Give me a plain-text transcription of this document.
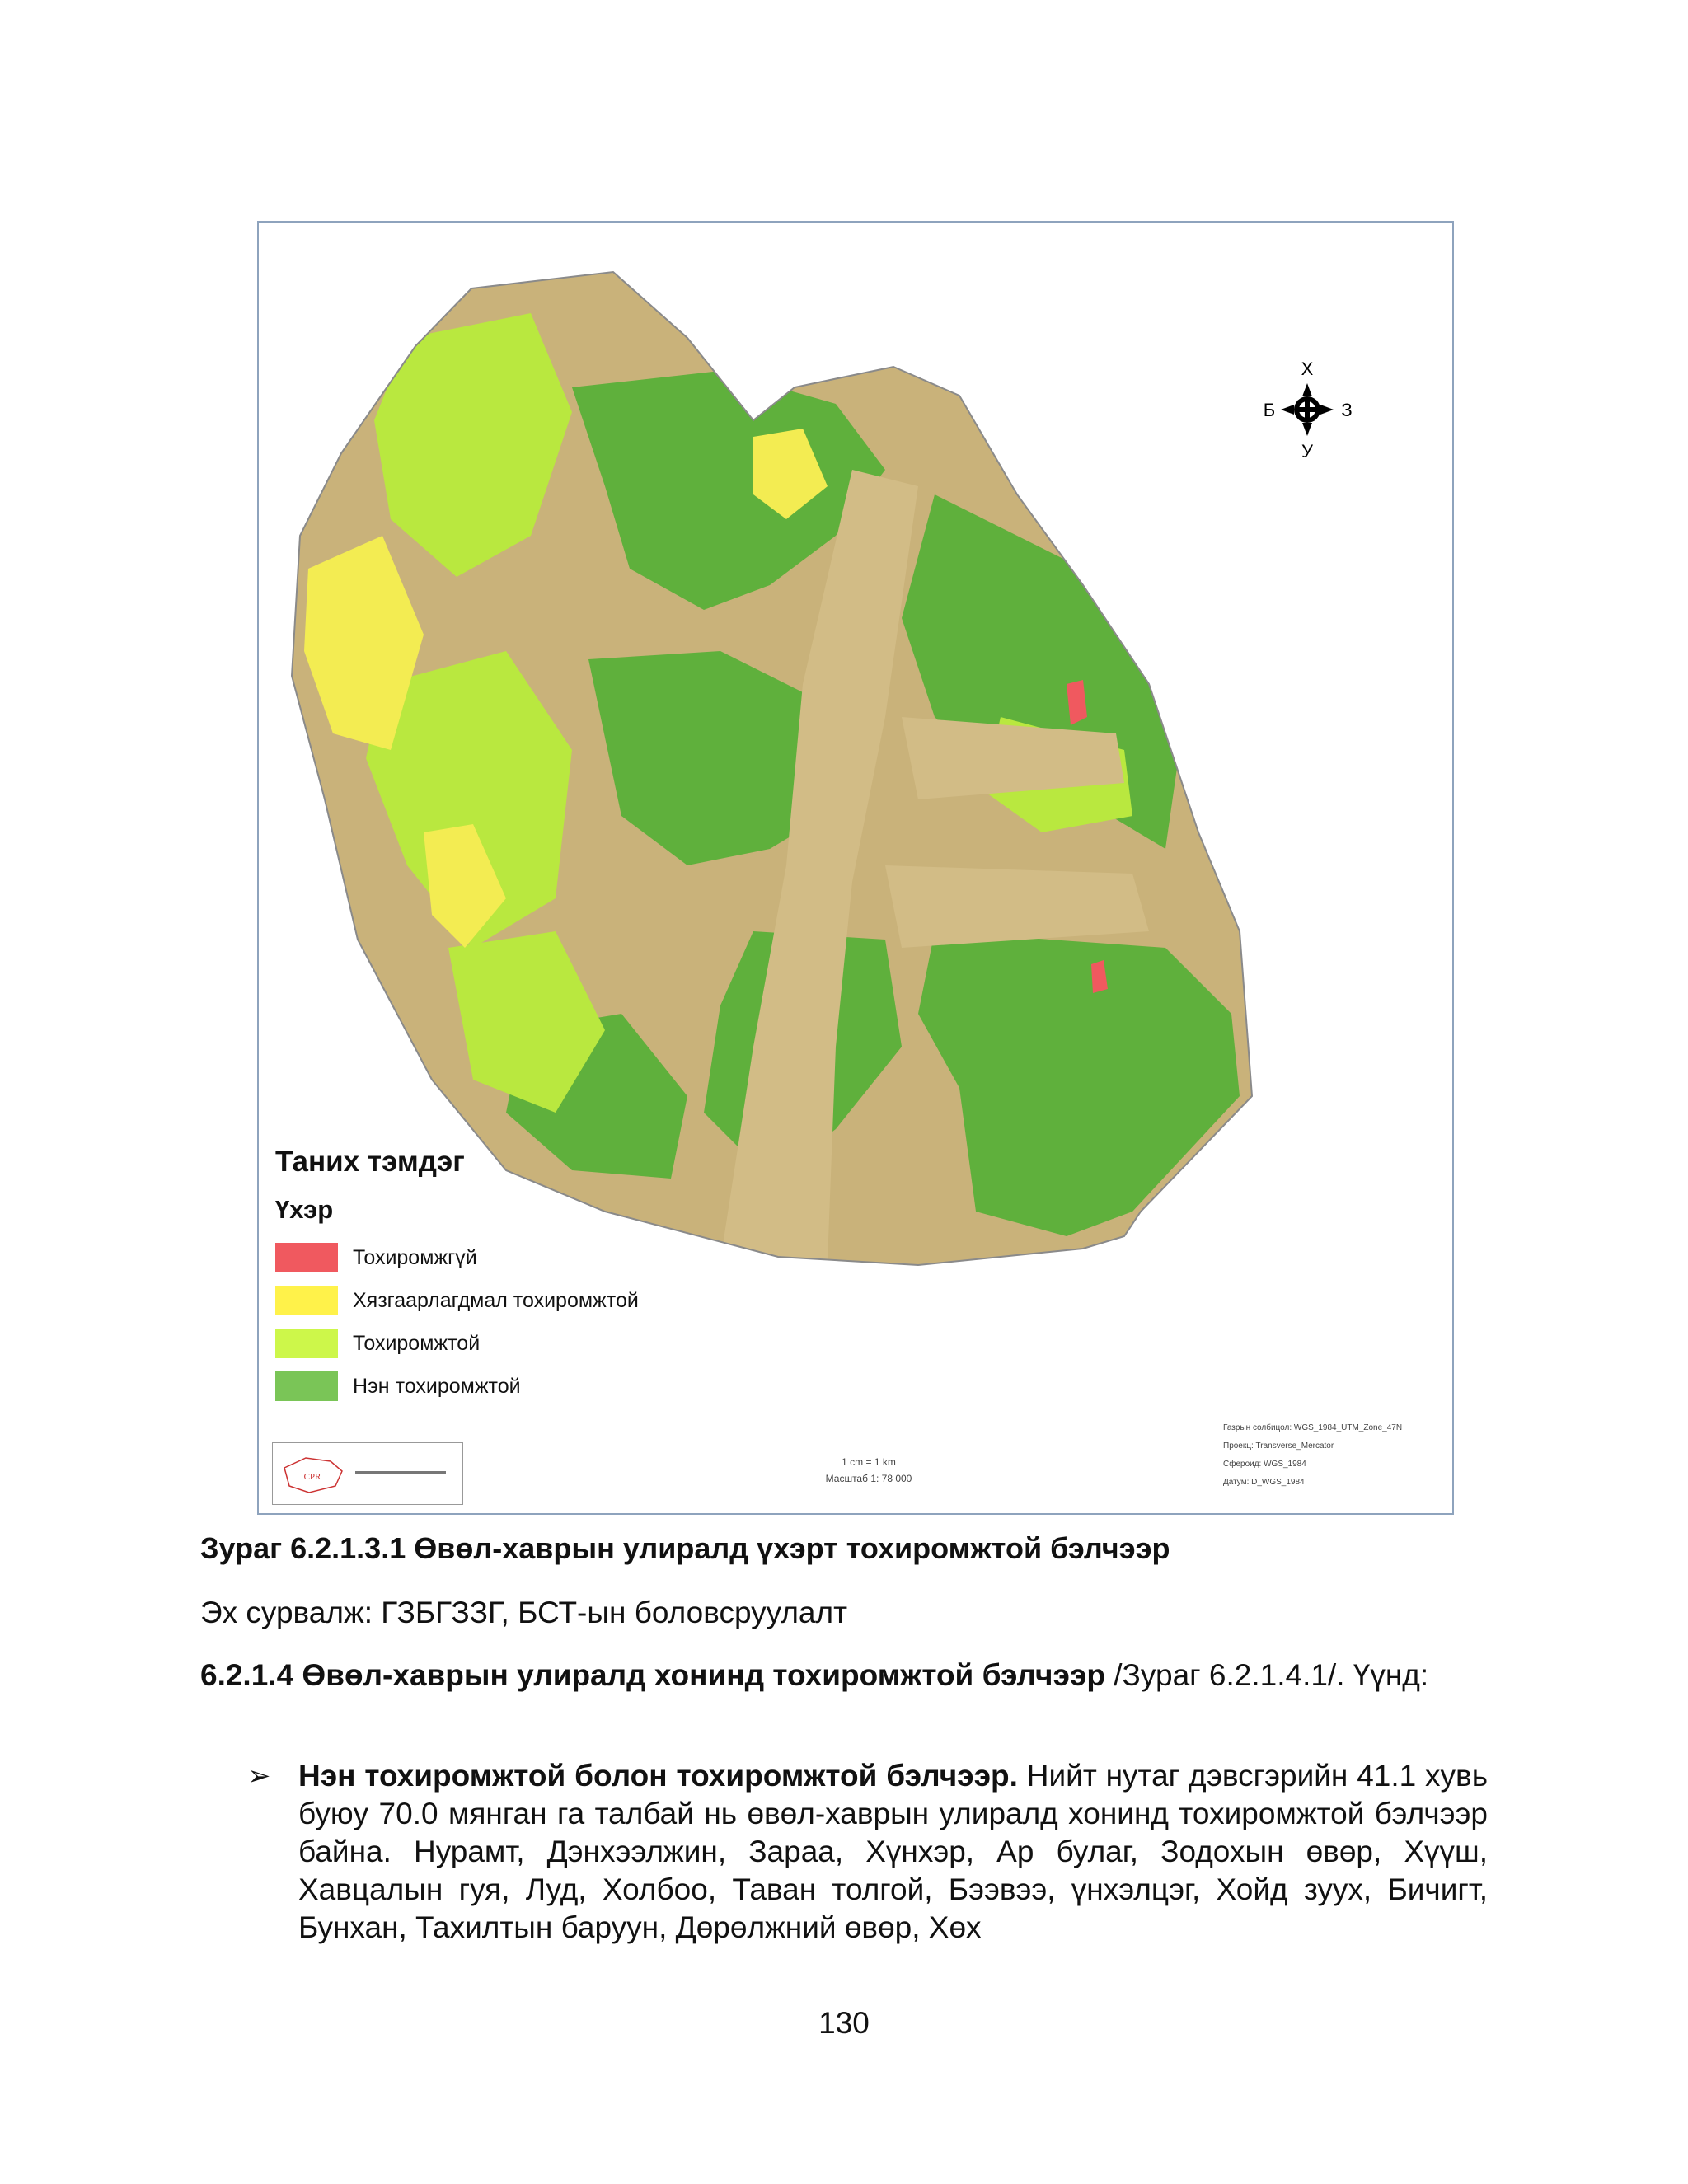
Х
Б	З
У
Таних тэмдэг
Үхэр
Тохиромжгүй
Хязгаарлагдмал тохиромжтой
Тохиромжтой
Нэн тохиромжтой
CPR
1 cm = 1 km
Масштаб 1: 78 000
Газрын солбицол: WGS_1984_UTM_Zone_47N
Проекц: Transverse_Mercator
Сфероид: WGS_1984
Датум: D_WGS_1984
Зураг 6.2.1.3.1 Өвөл-хаврын улиралд үхэрт тохиромжтой бэлчээр
Эх сурвалж: ГЗБГЗЗГ, БСТ-ын боловсруулалт
6.2.1.4 Өвөл-хаврын улиралд хонинд тохиромжтой бэлчээр /Зураг 6.2.1.4.1/. Үүнд:
➢ Нэн тохиромжтой болон тохиромжтой бэлчээр. Нийт нутаг дэвсгэрийн 41.1 хувь буюу 70.0 мянган га талбай нь өвөл-хаврын улиралд хонинд тохиромжтой бэлчээр байна. Нурамт, Дэнхээлжин, Зараа, Хүнхэр, Ар булаг, Зодохын өвөр, Хүүш, Хавцалын гуя, Луд, Холбоо, Таван толгой, Бээвээ, үнхэлцэг, Хойд зуух, Бичигт, Бунхан, Тахилтын баруун, Дөрөлжний өвөр, Хөх
130
